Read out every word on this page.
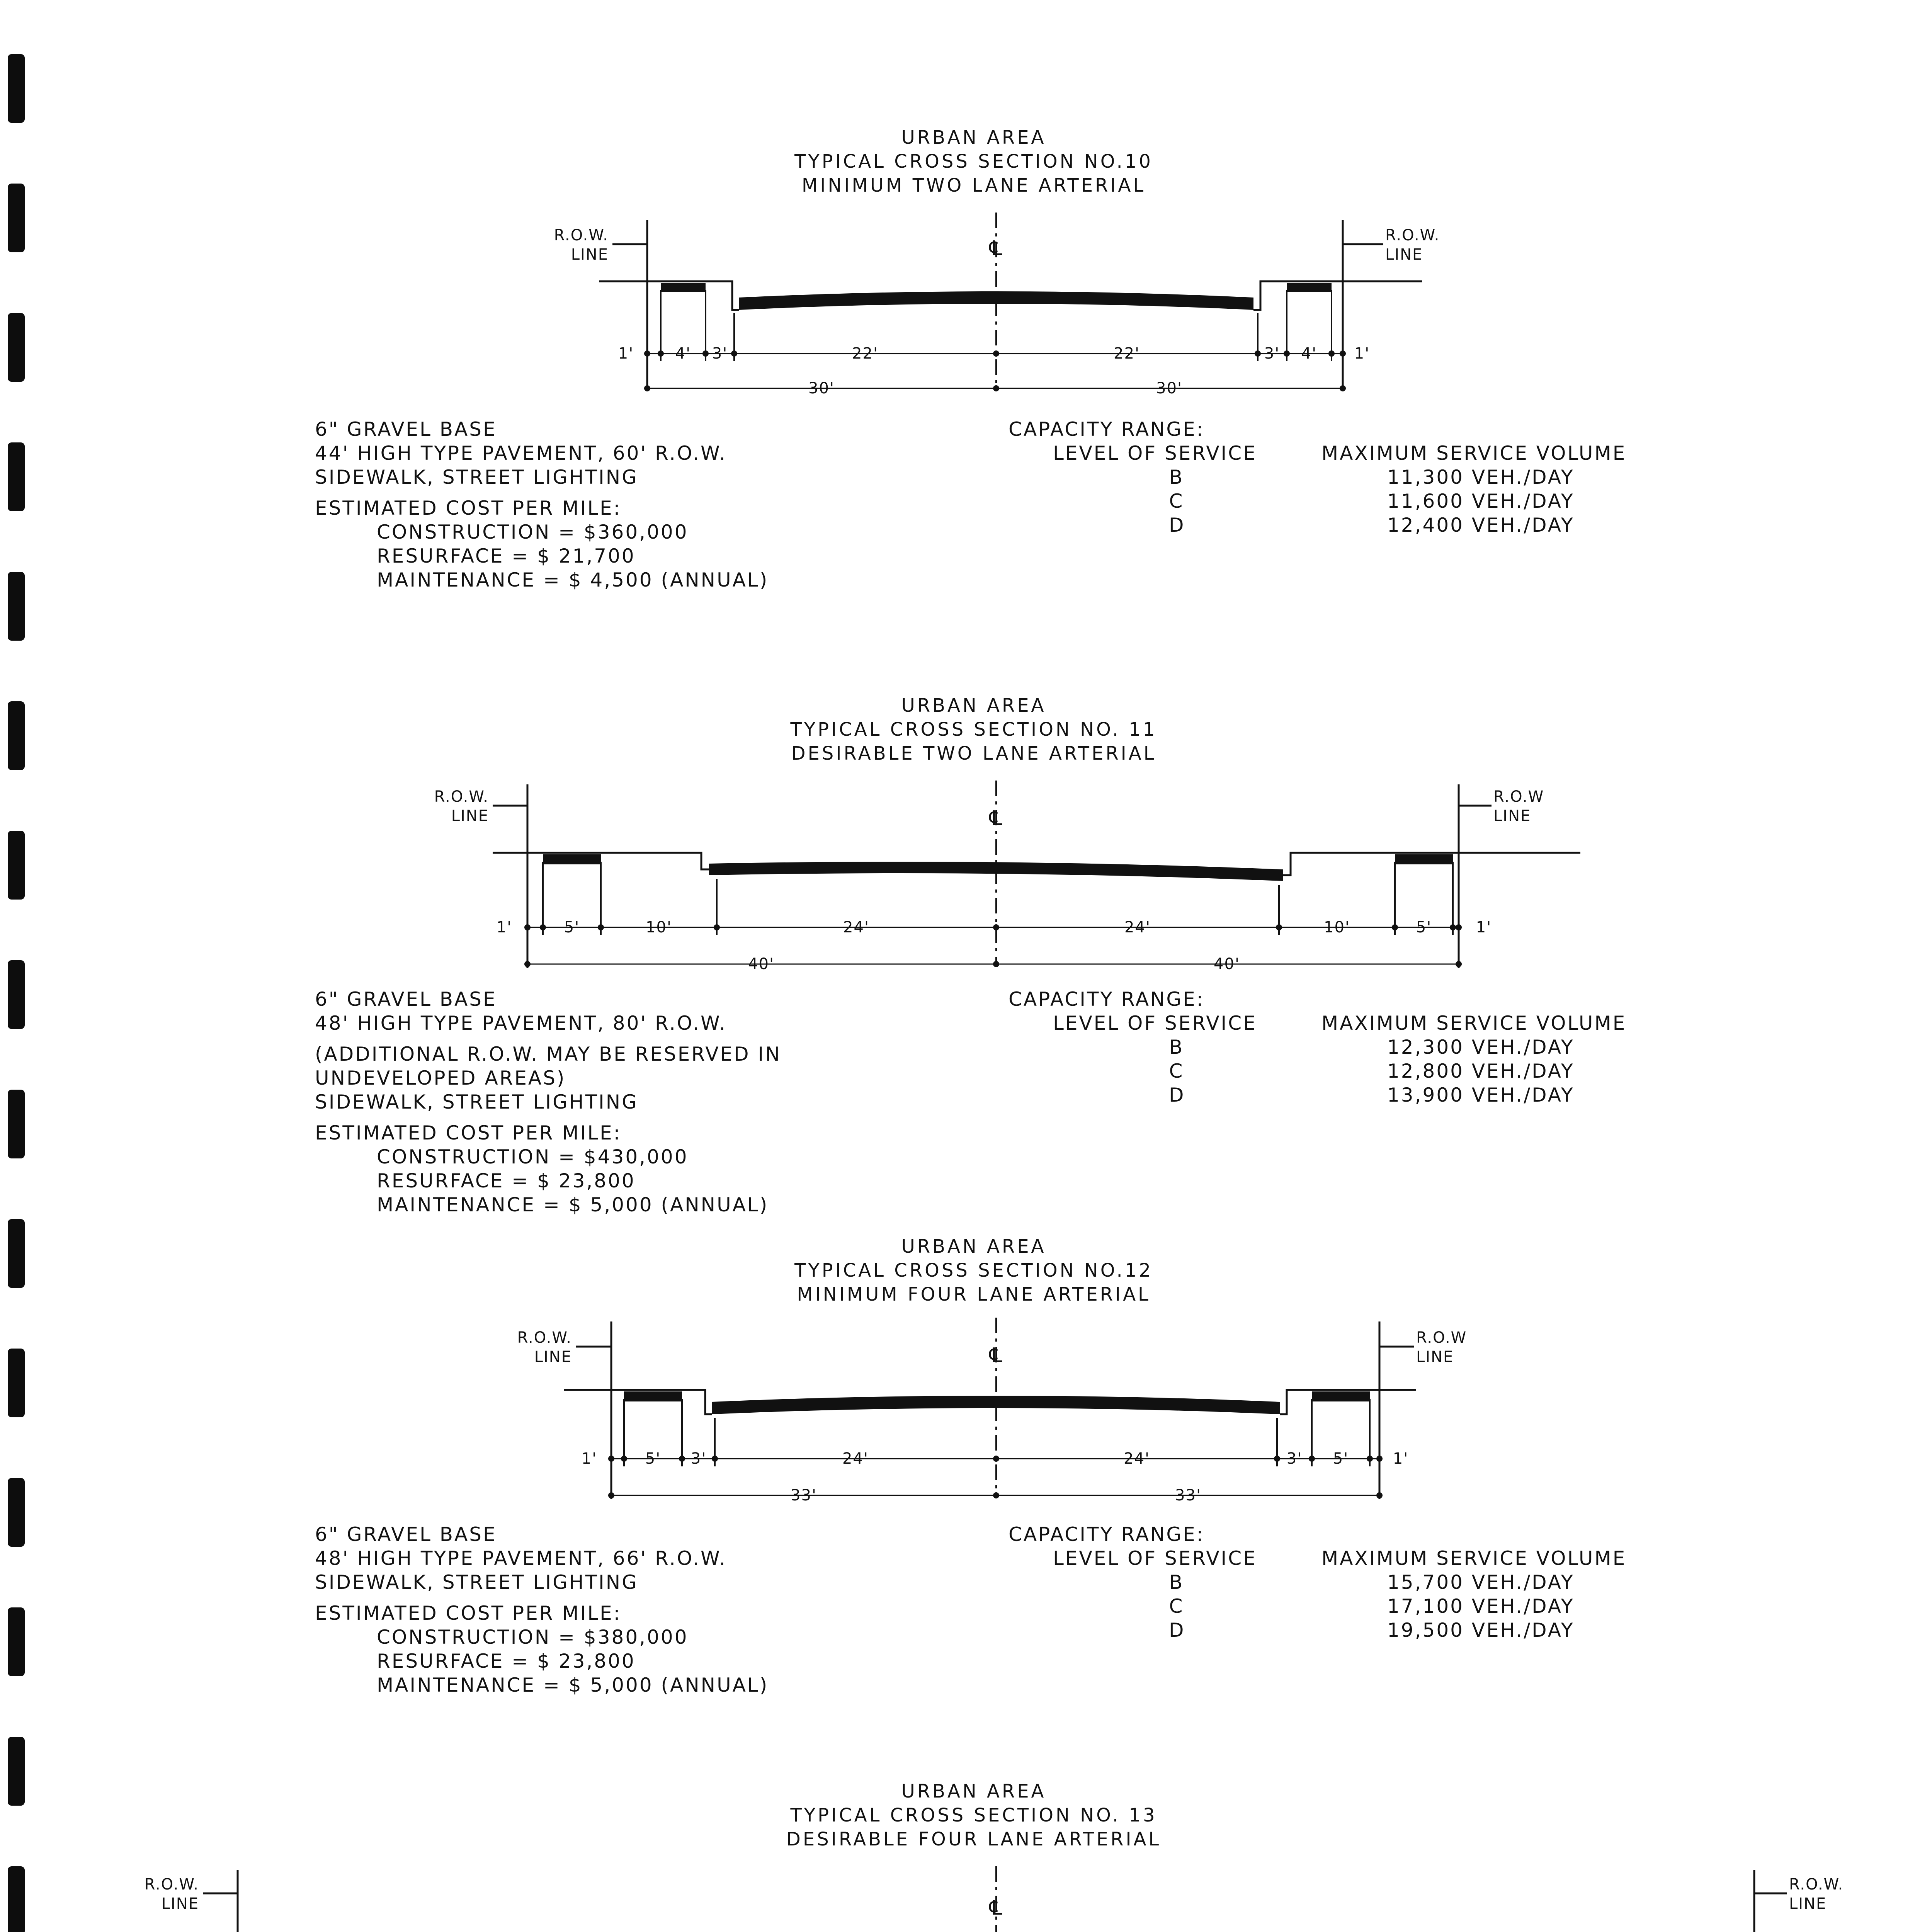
URBAN AREA
TYPICAL CROSS SECTION NO.10
MINIMUM TWO LANE ARTERIAL
R.O.W.
LINE
R.O.W.
LINE
℄
1'	4' 3'	22'	22'	3' 4' 1'
30'	30'
6" GRAVEL BASE
44' HIGH TYPE PAVEMENT, 60' R.O.W.
SIDEWALK, STREET LIGHTING
ESTIMATED COST PER MILE:
CONSTRUCTION = $360,000
RESURFACE = $ 21,700
MAINTENANCE = $ 4,500 (ANNUAL)
CAPACITY RANGE:
LEVEL OF SERVICE	MAXIMUM SERVICE VOLUME
B	11,300 VEH./DAY
C	11,600 VEH./DAY
D	12,400 VEH./DAY
URBAN AREA
TYPICAL CROSS SECTION NO. 11
DESIRABLE TWO LANE ARTERIAL
R.O.W.
LINE
R.O.W
LINE
℄
1'	5'	10'	24'	24'	10'	5'	1'
40'	40'
6" GRAVEL BASE
48' HIGH TYPE PAVEMENT, 80' R.O.W.
(ADDITIONAL R.O.W. MAY BE RESERVED IN
UNDEVELOPED AREAS)
SIDEWALK, STREET LIGHTING
ESTIMATED COST PER MILE:
CONSTRUCTION = $430,000
RESURFACE = $ 23,800
MAINTENANCE = $ 5,000 (ANNUAL)
CAPACITY RANGE:
LEVEL OF SERVICE	MAXIMUM SERVICE VOLUME
B	12,300 VEH./DAY
C	12,800 VEH./DAY
D	13,900 VEH./DAY
URBAN AREA
TYPICAL CROSS SECTION NO.12
MINIMUM FOUR LANE ARTERIAL
R.O.W.
LINE
R.O.W
LINE
℄
1'	5' 3'	24'	24'	3' 5'	1'
33'	33'
6" GRAVEL BASE
48' HIGH TYPE PAVEMENT, 66' R.O.W.
SIDEWALK, STREET LIGHTING
ESTIMATED COST PER MILE:
CONSTRUCTION = $380,000
RESURFACE = $ 23,800
MAINTENANCE = $ 5,000 (ANNUAL)
CAPACITY RANGE:
LEVEL OF SERVICE	MAXIMUM SERVICE VOLUME
B	15,700 VEH./DAY
C	17,100 VEH./DAY
D	19,500 VEH./DAY
URBAN AREA
TYPICAL CROSS SECTION NO. 13
DESIRABLE FOUR LANE ARTERIAL
R.O.W.
LINE
R.O.W.
LINE
℄
